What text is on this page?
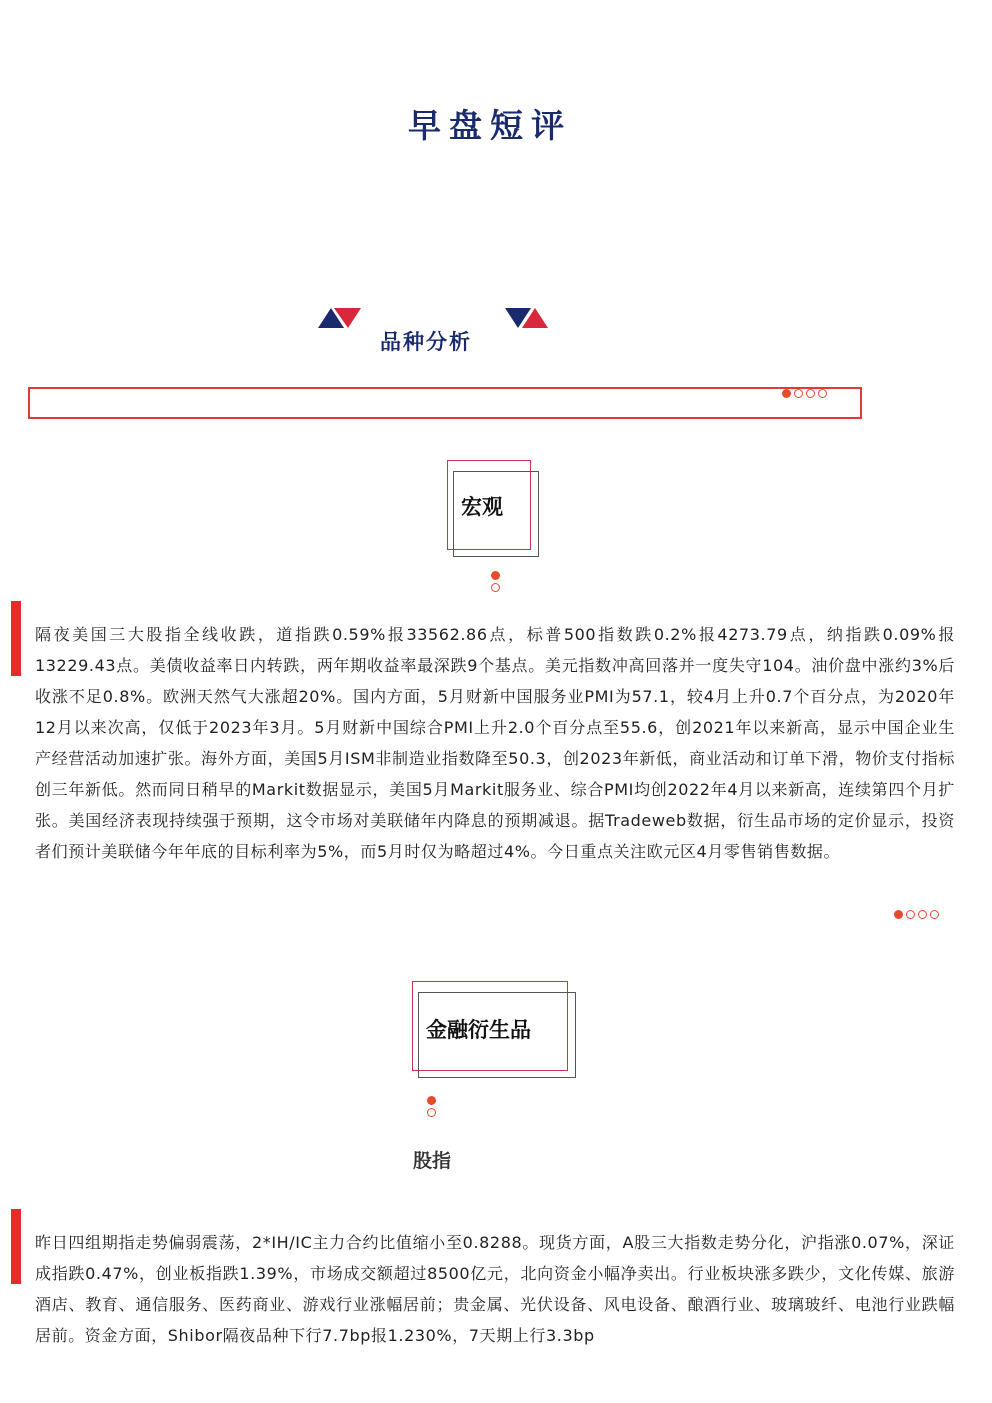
早盘短评
品种分析
宏观
隔夜美国三大股指全线收跌，道指跌0.59%报33562.86点，标普500指数跌0.2%报4273.79点，纳指跌0.09%报13229.43点。美债收益率日内转跌，两年期收益率最深跌9个基点。美元指数冲高回落并一度失守104。油价盘中涨约3%后收涨不足0.8%。欧洲天然气大涨超20%。国内方面，5月财新中国服务业PMI为57.1，较4月上升0.7个百分点，为2020年12月以来次高，仅低于2023年3月。5月财新中国综合PMI上升2.0个百分点至55.6，创2021年以来新高，显示中国企业生产经营活动加速扩张。海外方面，美国5月ISM非制造业指数降至50.3，创2023年新低，商业活动和订单下滑，物价支付指标创三年新低。然而同日稍早的Markit数据显示，美国5月Markit服务业、综合PMI均创2022年4月以来新高，连续第四个月扩张。美国经济表现持续强于预期，这令市场对美联储年内降息的预期减退。据Tradeweb数据，衍生品市场的定价显示，投资者们预计美联储今年年底的目标利率为5%，而5月时仅为略超过4%。今日重点关注欧元区4月零售销售数据。
金融衍生品
股指
昨日四组期指走势偏弱震荡，2*IH/IC主力合约比值缩小至0.8288。现货方面，A股三大指数走势分化，沪指涨0.07%，深证成指跌0.47%，创业板指跌1.39%，市场成交额超过8500亿元，北向资金小幅净卖出。行业板块涨多跌少，文化传媒、旅游酒店、教育、通信服务、医药商业、游戏行业涨幅居前；贵金属、光伏设备、风电设备、酿酒行业、玻璃玻纤、电池行业跌幅居前。资金方面，Shibor隔夜品种下行7.7bp报1.230%，7天期上行3.3bp
